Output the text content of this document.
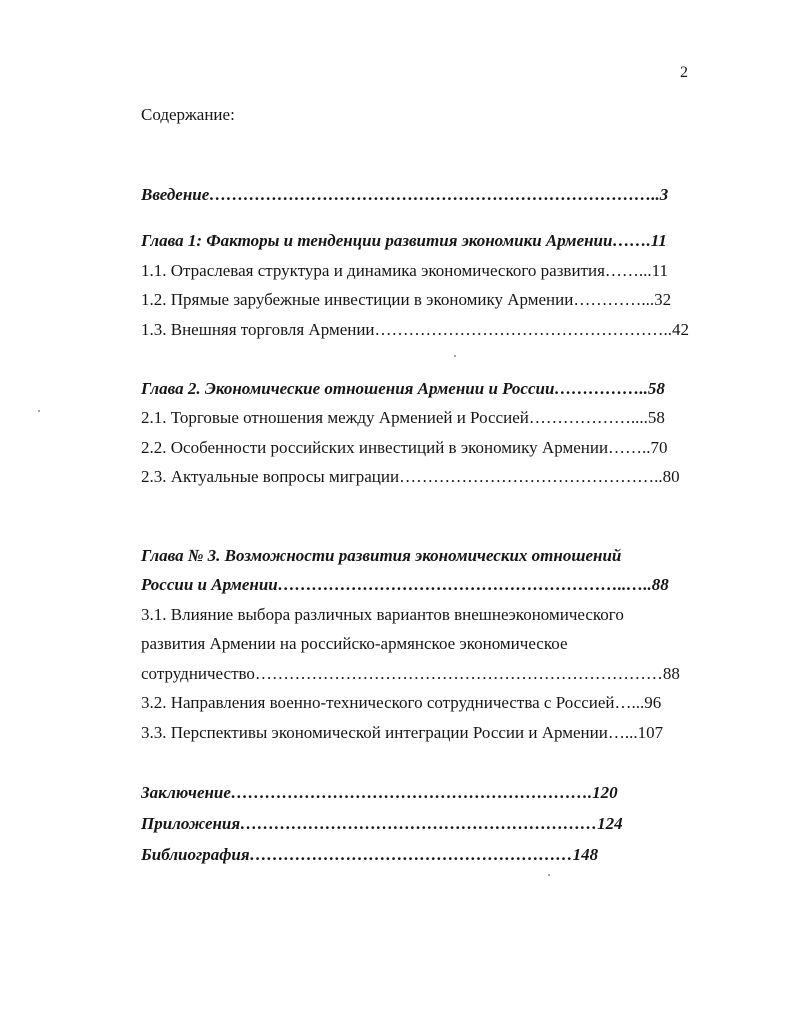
2
Содержание:
Введение……………………………………………………………………..3
Глава 1: Факторы и тенденции развития экономики Армении…….11
1.1. Отраслевая структура и динамика экономического развития……...11
1.2. Прямые зарубежные инвестиции в экономику Армении…………...32
1.3. Внешняя торговля Армении……………………………………………..42
Глава 2. Экономические отношения Армении и России……………..58
2.1. Торговые отношения между Арменией и Россией………………....58
2.2. Особенности российских инвестиций в экономику Армении……..70
2.3. Актуальные вопросы миграции………………………………………..80
Глава № 3. Возможности развития экономических отношений
России и Армении……………………………………………………..…..88
3.1. Влияние выбора различных вариантов внешнеэкономического
развития Армении на российско-армянское экономическое
сотрудничество………………………………………………………………88
3.2. Направления военно-технического сотрудничества с Россией…...96
3.3. Перспективы экономической интеграции России и Армении…...107
Заключение……………………………………………………….120
Приложения………………………………………………………124
Библиография…………………………………………………148
